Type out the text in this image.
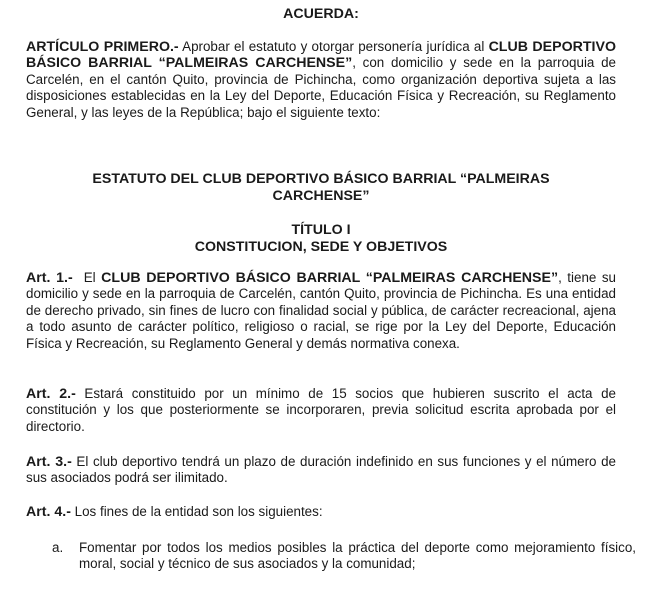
ACUERDA:

ARTÍCULO PRIMERO.- Aprobar el estatuto y otorgar personería jurídica al CLUB DEPORTIVO BÁSICO BARRIAL “PALMEIRAS CARCHENSE”, con domicilio y sede en la parroquia de Carcelén, en el cantón Quito, provincia de Pichincha, como organización deportiva sujeta a las disposiciones establecidas en la Ley del Deporte, Educación Física y Recreación, su Reglamento General, y las leyes de la República; bajo el siguiente texto:

ESTATUTO DEL CLUB DEPORTIVO BÁSICO BARRIAL “PALMEIRAS
CARCHENSE”
TÍTULO I
CONSTITUCION, SEDE Y OBJETIVOS

Art. 1.-  El CLUB DEPORTIVO BÁSICO BARRIAL “PALMEIRAS CARCHENSE”, tiene su domicilio y sede en la parroquia de Carcelén, cantón Quito, provincia de Pichincha. Es una entidad de derecho privado, sin fines de lucro con finalidad social y pública, de carácter recreacional, ajena a todo asunto de carácter político, religioso o racial, se rige por la Ley del Deporte, Educación Física y Recreación, su Reglamento General y demás normativa conexa.

Art. 2.- Estará constituido por un mínimo de 15 socios que hubieren suscrito el acta de constitución y los que posteriormente se incorporaren, previa solicitud escrita aprobada por el directorio.

Art. 3.- El club deportivo tendrá un plazo de duración indefinido en sus funciones y el número de sus asociados podrá ser ilimitado.

Art. 4.- Los fines de la entidad son los siguientes:

a. Fomentar por todos los medios posibles la práctica del deporte como mejoramiento físico, moral, social y técnico de sus asociados y la comunidad;
